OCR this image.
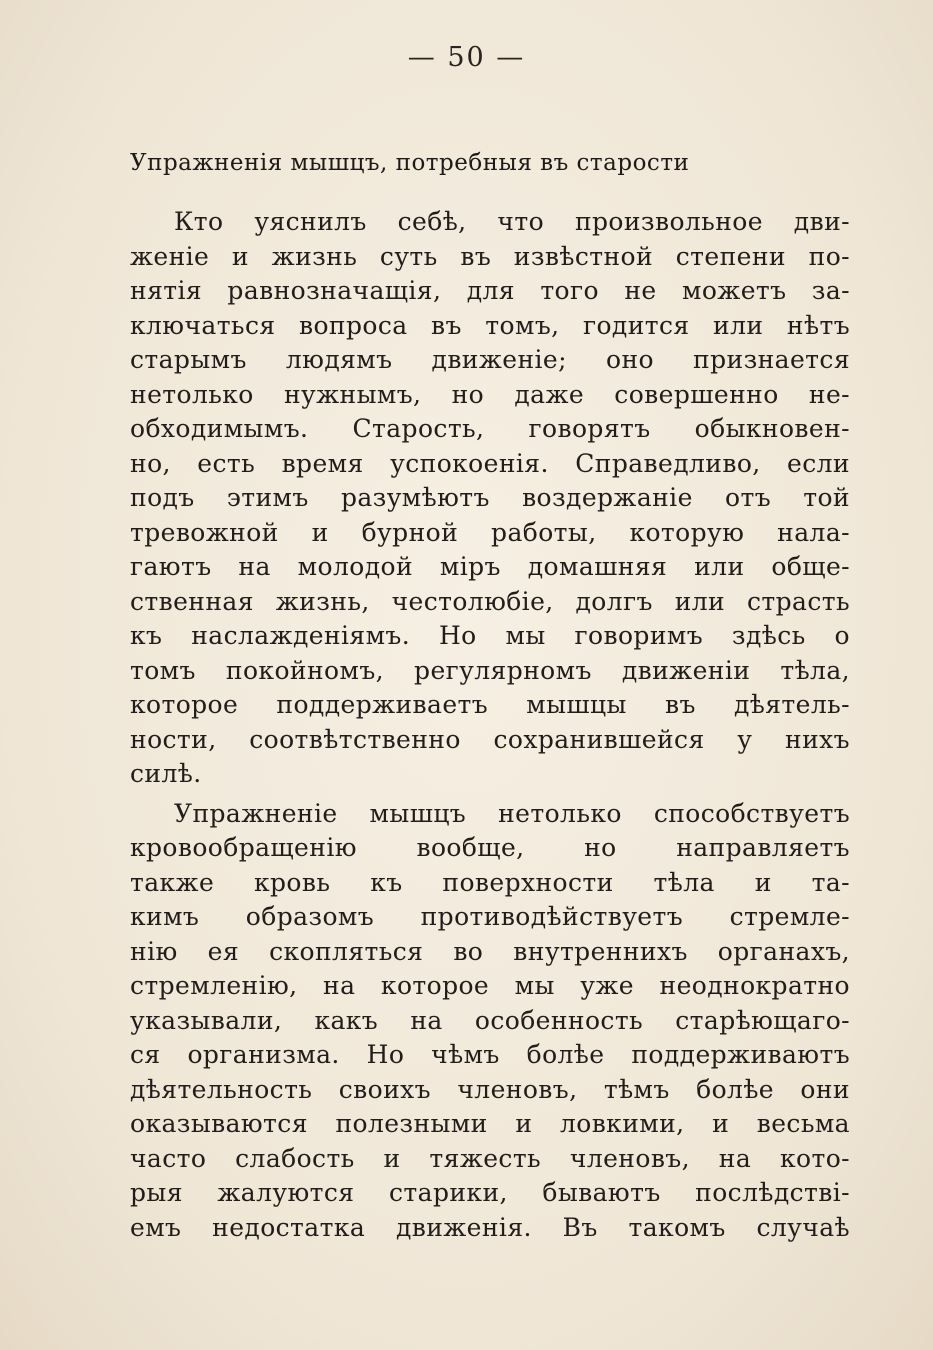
— 50 —
Упражненія мышцъ, потребныя въ старости
Кто уяснилъ себѣ, что произвольное дви-
женіе и жизнь суть въ извѣстной степени по-
нятія равнозначащія, для того не можетъ за-
ключаться вопроса въ томъ, годится или нѣтъ
старымъ людямъ движеніе; оно признается
нетолько нужнымъ, но даже совершенно не-
обходимымъ. Старость, говорятъ обыкновен-
но, есть время успокоенія. Справедливо, если
подъ этимъ разумѣютъ воздержаніе отъ той
тревожной и бурной работы, которую нала-
гаютъ на молодой міръ домашняя или обще-
ственная жизнь, честолюбіе, долгъ или страсть
къ наслажденіямъ. Но мы говоримъ здѣсь о
томъ покойномъ, регулярномъ движеніи тѣла,
которое поддерживаетъ мышцы въ дѣятель-
ности, соотвѣтственно сохранившейся у нихъ
силѣ.
Упражненіе мышцъ нетолько способствуетъ
кровообращенію вообще, но направляетъ
также кровь къ поверхности тѣла и та-
кимъ образомъ противодѣйствуетъ стремле-
нію ея скопляться во внутреннихъ органахъ,
стремленію, на которое мы уже неоднократно
указывали, какъ на особенность старѣющаго-
ся организма. Но чѣмъ болѣе поддерживаютъ
дѣятельность своихъ членовъ, тѣмъ болѣе они
оказываются полезными и ловкими, и весьма
часто слабость и тяжесть членовъ, на кото-
рыя жалуются старики, бываютъ послѣдстві-
емъ недостатка движенія. Въ такомъ случаѣ
